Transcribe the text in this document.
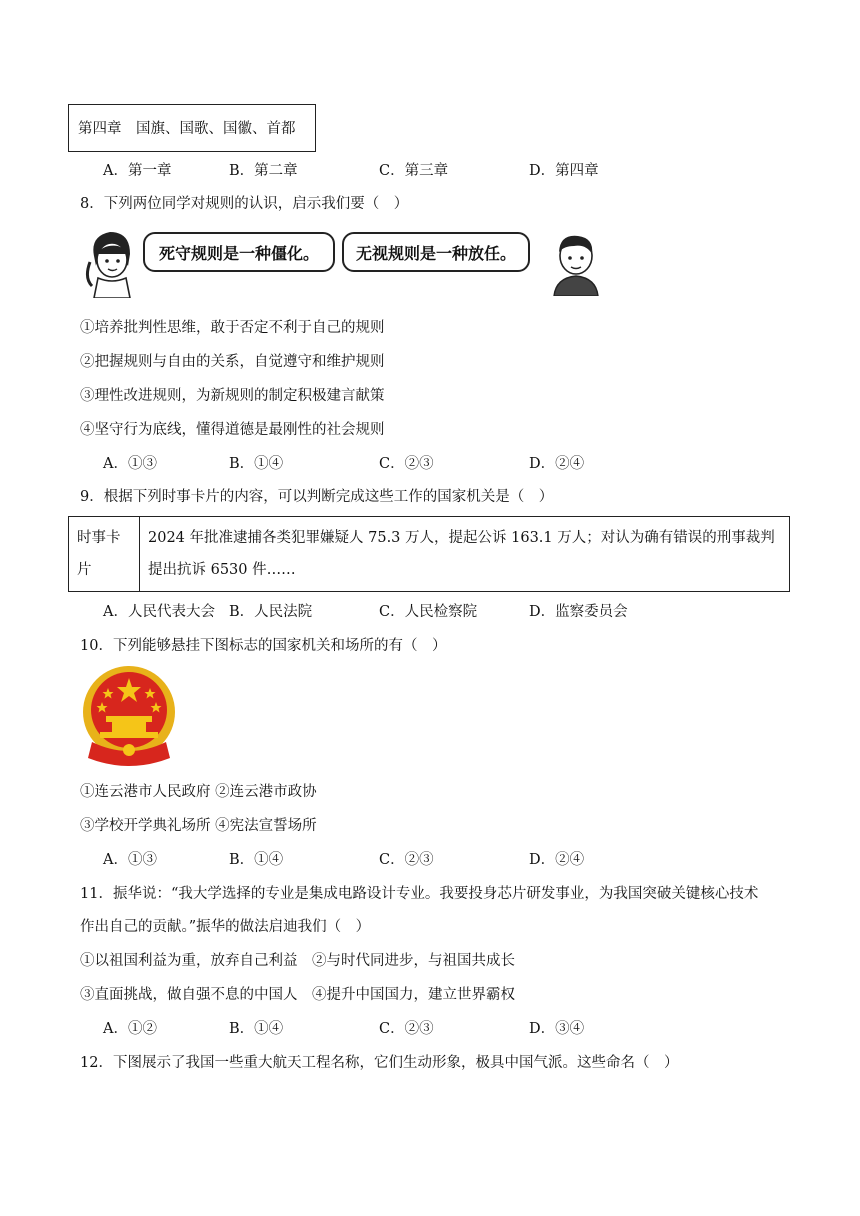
第四章　国旗、国歌、国徽、首都
A．第一章	B．第二章	C．第三章	D．第四章
8．下列两位同学对规则的认识，启示我们要（　）
死守规则是一种僵化。 无视规则是一种放任。
①培养批判性思维，敢于否定不利于自己的规则
②把握规则与自由的关系，自觉遵守和维护规则
③理性改进规则，为新规则的制定积极建言献策
④坚守行为底线，懂得道德是最刚性的社会规则
A．①③	B．①④	C．②③	D．②④
9．根据下列时事卡片的内容，可以判断完成这些工作的国家机关是（　）
时事卡片	2024 年批准逮捕各类犯罪嫌疑人 75.3 万人，提起公诉 163.1 万人；对认为确有错误的刑事裁判提出抗诉 6530 件……
A．人民代表大会 B．人民法院	C．人民检察院	D．监察委员会
10．下列能够悬挂下图标志的国家机关和场所的有（　）
①连云港市人民政府 ②连云港市政协
③学校开学典礼场所 ④宪法宣誓场所
A．①③	B．①④	C．②③	D．②④
11．振华说：“我大学选择的专业是集成电路设计专业。我要投身芯片研发事业，为我国突破关键核心技术
作出自己的贡献。”振华的做法启迪我们（　）
①以祖国利益为重，放弃自己利益　②与时代同进步，与祖国共成长
③直面挑战，做自强不息的中国人　④提升中国国力，建立世界霸权
A．①②	B．①④	C．②③	D．③④
12．下图展示了我国一些重大航天工程名称，它们生动形象，极具中国气派。这些命名（　）
